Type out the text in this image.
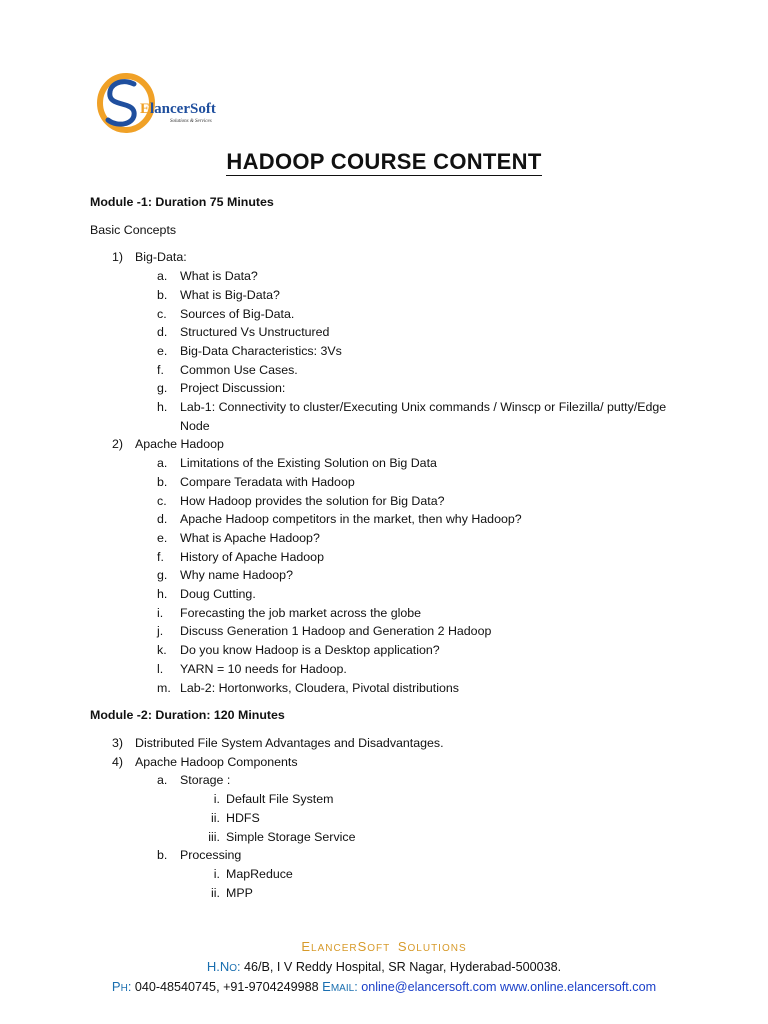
ElancerSoft
Solutions & Services
HADOOP COURSE CONTENT
Module -1: Duration 75 Minutes
Basic Concepts
1) Big-Data:
a.	What is Data?
b.	What is Big-Data?
c.	Sources of Big-Data.
d.	Structured Vs Unstructured
e.	Big-Data Characteristics: 3Vs
f.	Common Use Cases.
g.	Project Discussion:
h.	Lab-1: Connectivity to cluster/Executing Unix commands / Winscp or Filezilla/ putty/Edge Node
2) Apache Hadoop
a.	Limitations of the Existing Solution on Big Data
b.	Compare Teradata with Hadoop
c.	How Hadoop provides the solution for Big Data?
d.	Apache Hadoop competitors in the market, then why Hadoop?
e.	What is Apache Hadoop?
f.	History of Apache Hadoop
g.	Why name Hadoop?
h.	Doug Cutting.
i.	Forecasting the job market across the globe
j.	Discuss Generation 1 Hadoop and Generation 2 Hadoop
k.	Do you know Hadoop is a Desktop application?
l.	YARN = 10 needs for Hadoop.
m. Lab-2: Hortonworks, Cloudera, Pivotal distributions
Module -2: Duration: 120 Minutes
3) Distributed File System Advantages and Disadvantages.
4) Apache Hadoop Components
a.	Storage :
i. Default File System
ii. HDFS
iii. Simple Storage Service
b.	Processing
i. MapReduce
ii. MPP
ELANCERSOFT  SOLUTIONS
H.NO: 46/B, I V Reddy Hospital, SR Nagar, Hyderabad-500038.
PH: 040-48540745, +91-9704249988 EMAIL: online@elancersoft.com www.online.elancersoft.com
